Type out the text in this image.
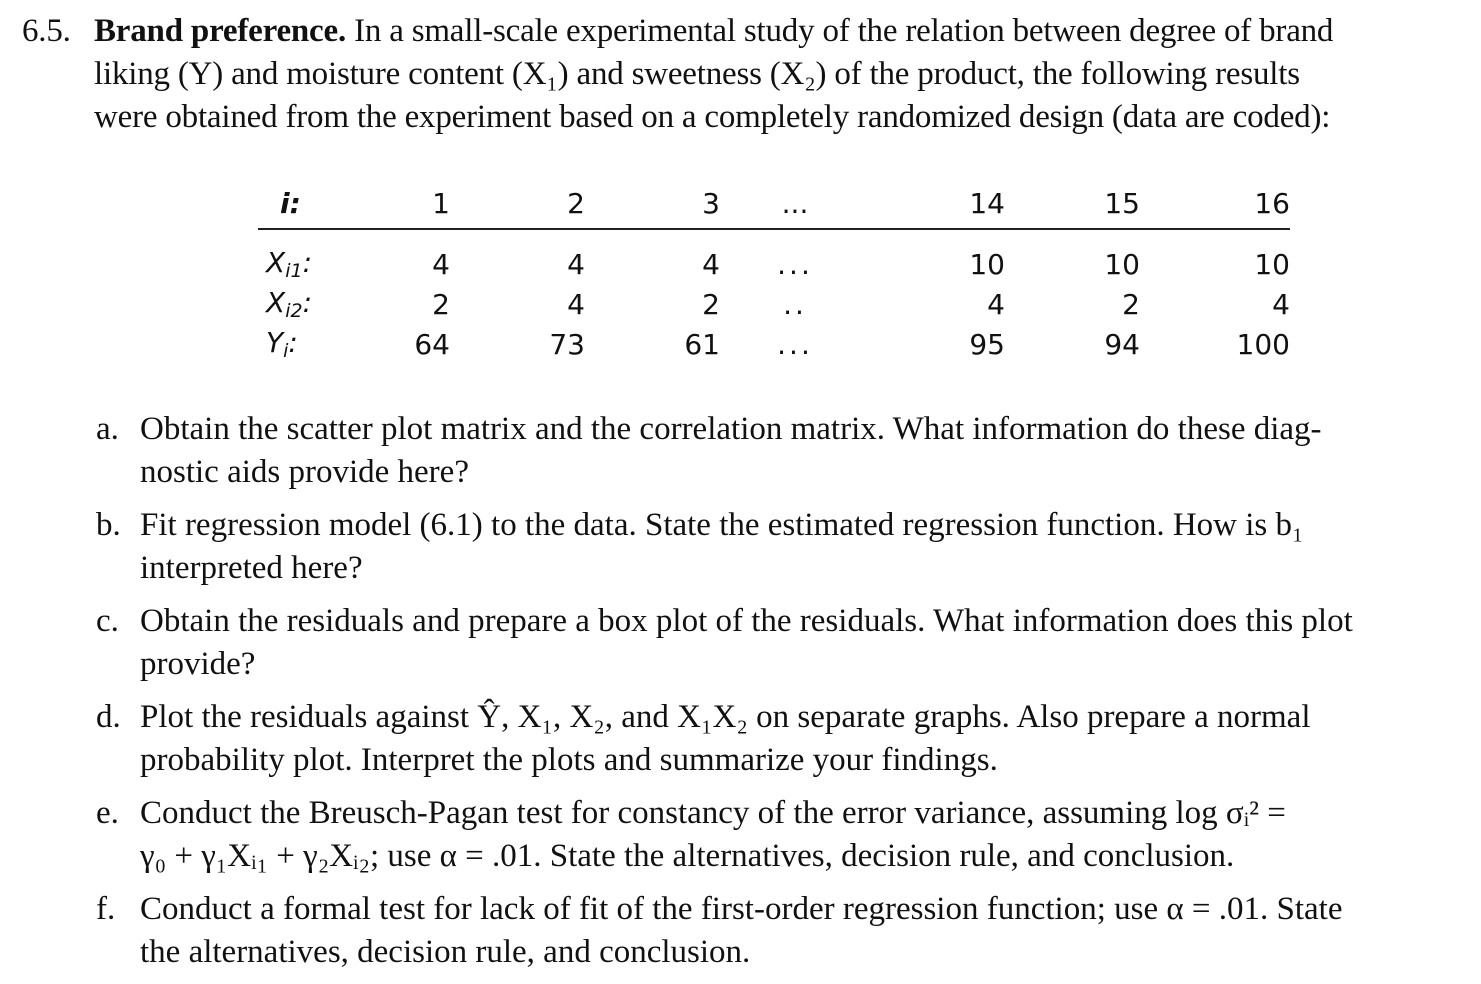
6.5. Brand preference. In a small-scale experimental study of the relation between degree of brand
liking (Y) and moisture content (X₁) and sweetness (X₂) of the product, the following results
were obtained from the experiment based on a completely randomized design (data are coded):
i:	1	2	3	...	14	15	16
$X_{i1}$:	4	4	4	...	10	10	10
$X_{i2}$:	2	4	2	..	4	2	4
$Y_i$:	64	73	61	...	95	94	100
a. Obtain the scatter plot matrix and the correlation matrix. What information do these diag-
nostic aids provide here?
b. Fit regression model (6.1) to the data. State the estimated regression function. How is b₁
interpreted here?
c. Obtain the residuals and prepare a box plot of the residuals. What information does this plot
provide?
d. Plot the residuals against Ŷ, X₁, X₂, and X₁X₂ on separate graphs. Also prepare a normal
probability plot. Interpret the plots and summarize your findings.
e. Conduct the Breusch-Pagan test for constancy of the error variance, assuming log σᵢ² =
γ₀ + γ₁Xᵢ₁ + γ₂Xᵢ₂; use α = .01. State the alternatives, decision rule, and conclusion.
f. Conduct a formal test for lack of fit of the first-order regression function; use α = .01. State
the alternatives, decision rule, and conclusion.
